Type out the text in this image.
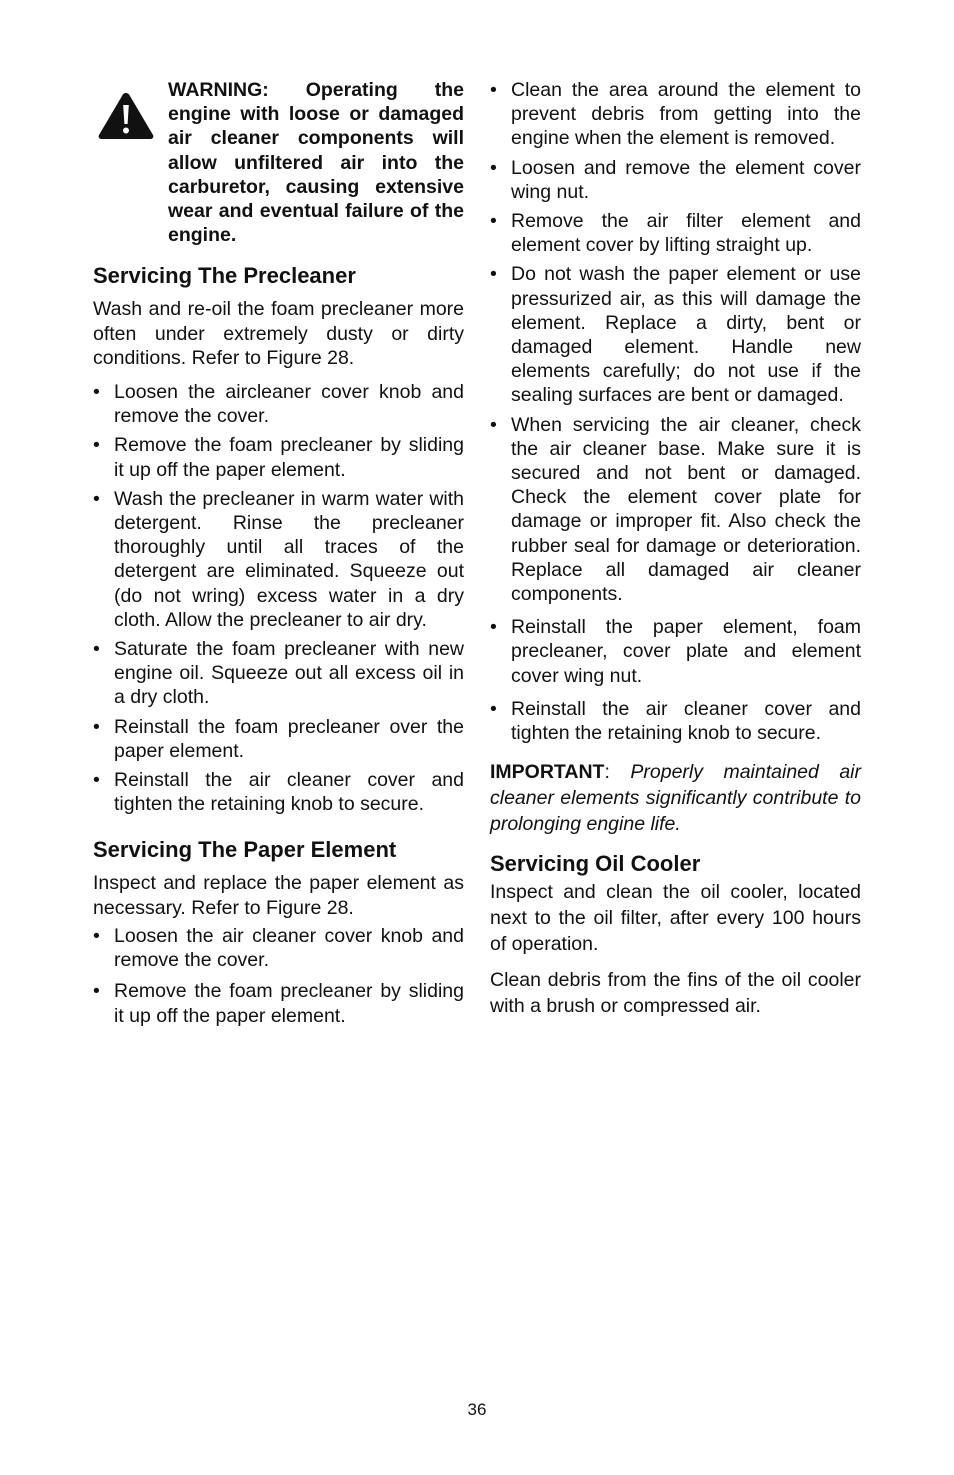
WARNING: Operating the engine with loose or damaged air cleaner components will allow unfiltered air into the carburetor, causing extensive wear and eventual failure of the engine.
Servicing The Precleaner

Wash and re-oil the foam precleaner more often under extremely dusty or dirty conditions. Refer to Figure 28.

• Loosen the aircleaner cover knob and remove the cover.
• Remove the foam precleaner by sliding it up off the paper element.
• Wash the precleaner in warm water with detergent. Rinse the precleaner thoroughly until all traces of the detergent are eliminated. Squeeze out (do not wring) excess water in a dry cloth. Allow the precleaner to air dry.
• Saturate the foam precleaner with new engine oil. Squeeze out all excess oil in a dry cloth.
• Reinstall the foam precleaner over the paper element.
• Reinstall the air cleaner cover and tighten the retaining knob to secure.
Servicing The Paper Element

Inspect and replace the paper element as necessary. Refer to Figure 28.

• Loosen the air cleaner cover knob and remove the cover.
• Remove the foam precleaner by sliding it up off the paper element.
• Clean the area around the element to prevent debris from getting into the engine when the element is removed.
• Loosen and remove the element cover wing nut.
• Remove the air filter element and element cover by lifting straight up.
• Do not wash the paper element or use pressurized air, as this will damage the element. Replace a dirty, bent or damaged element. Handle new elements carefully; do not use if the sealing surfaces are bent or damaged.
• When servicing the air cleaner, check the air cleaner base. Make sure it is secured and not bent or damaged. Check the element cover plate for damage or improper fit. Also check the rubber seal for damage or deterioration. Replace all damaged air cleaner components.
• Reinstall the paper element, foam precleaner, cover plate and element cover wing nut.
• Reinstall the air cleaner cover and tighten the retaining knob to secure.
IMPORTANT: Properly maintained air cleaner elements significantly contribute to prolonging engine life.
Servicing Oil Cooler

Inspect and clean the oil cooler, located next to the oil filter, after every 100 hours of operation.

Clean debris from the fins of the oil cooler with a brush or compressed air.

36
